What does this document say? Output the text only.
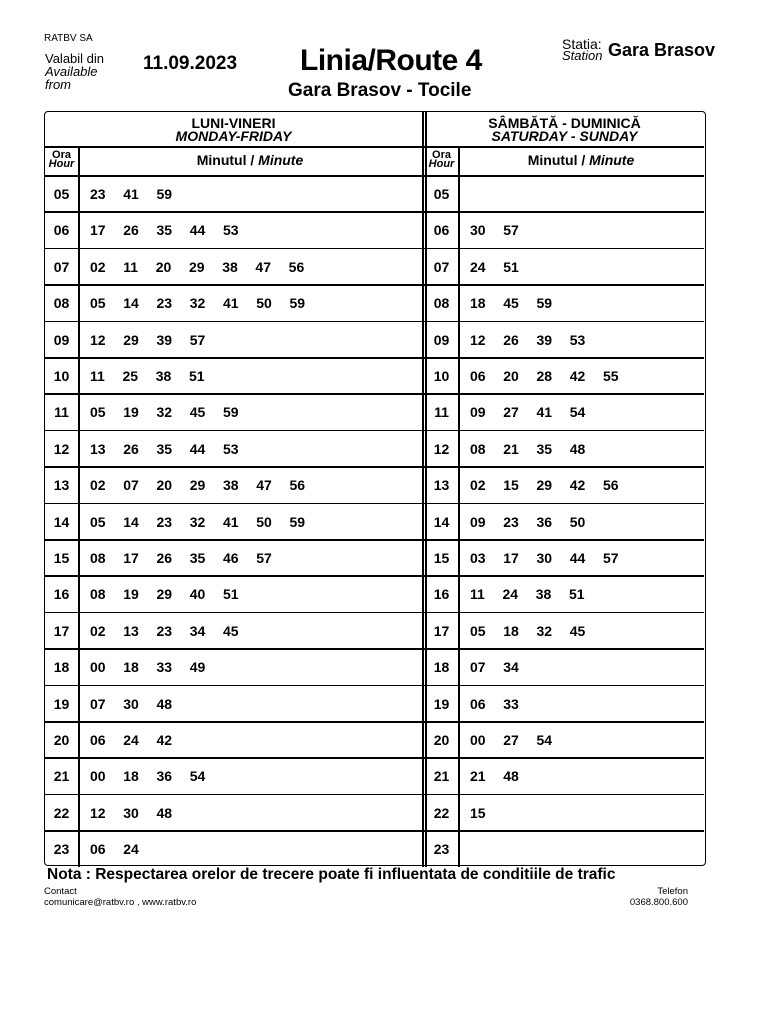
RATBV SA
Valabil din
Available
from
11.09.2023 Linia/Route 4
Gara Brasov - Tocile
Statia:
Station Gara Brasov
LUNI-VINERI
MONDAY-FRIDAY
Ora
Hour	Minutul / Minute
05	23   41   59
06	17   26   35   44   53
07	02   11   20   29   38   47   56
08	05   14   23   32   41   50   59
09	12   29   39   57
10	11   25   38   51
11	05   19   32   45   59
12	13   26   35   44   53
13	02   07   20   29   38   47   56
14	05   14   23   32   41   50   59
15	08   17   26   35   46   57
16	08   19   29   40   51
17	02   13   23   34   45
18	00   18   33   49
19	07   30   48
20	06   24   42
21	00   18   36   54
22	12   30   48
23	06   24
SÂMBĂTĂ - DUMINICĂ
SATURDAY - SUNDAY
Ora
Hour	Minutul / Minute
05
06	30   57
07	24   51
08	18   45   59
09	12   26   39   53
10	06   20   28   42   55
11	09   27   41   54
12	08   21   35   48
13	02   15   29   42   56
14	09   23   36   50
15	03   17   30   44   57
16	11   24   38   51
17	05   18   32   45
18	07   34
19	06   33
20	00   27   54
21	21   48
22	15
23
Nota : Respectarea orelor de trecere poate fi influentata de conditiile de trafic
Contact
comunicare@ratbv.ro , www.ratbv.ro
Telefon
0368.800.600
